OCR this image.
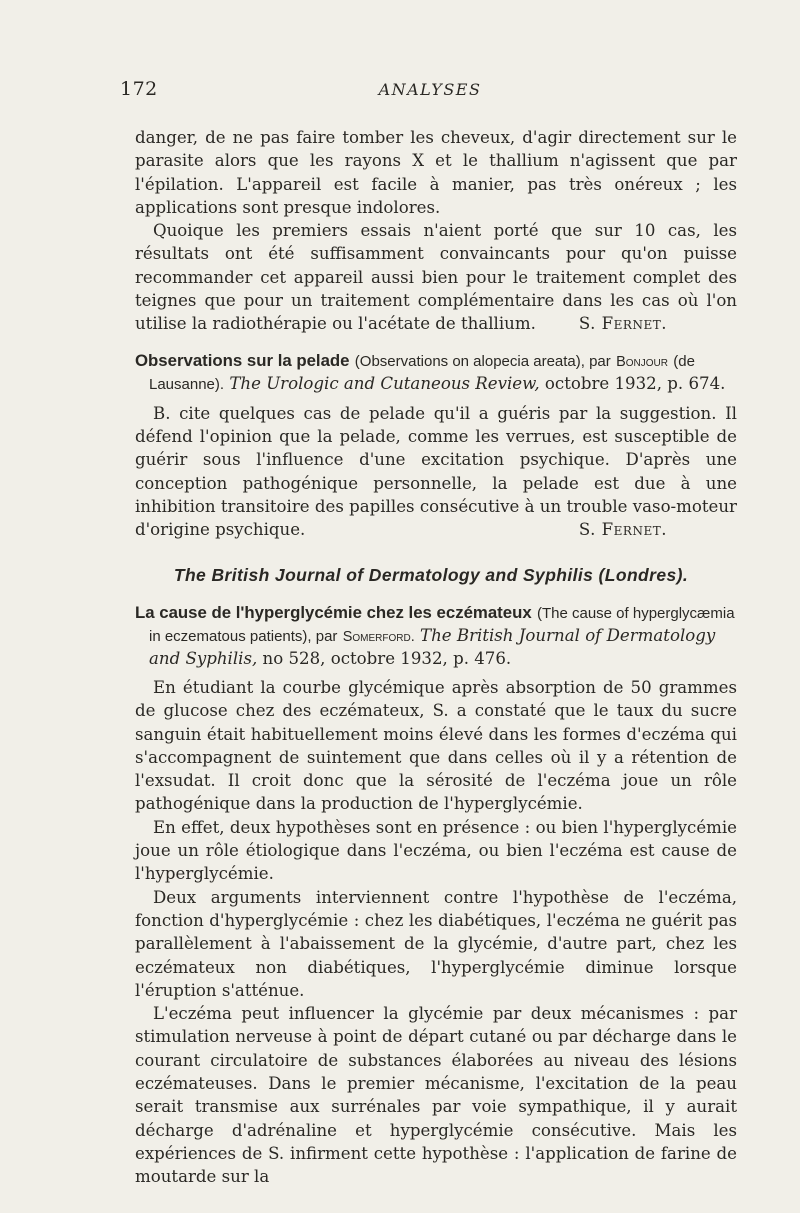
172	ANALYSES

danger, de ne pas faire tomber les cheveux, d'agir directement sur le parasite alors que les rayons X et le thallium n'agissent que par l'épilation. L'appareil est facile à manier, pas très onéreux ; les applications sont presque indolores.

Quoique les premiers essais n'aient porté que sur 10 cas, les résultats ont été suffisamment convaincants pour qu'on puisse recommander cet appareil aussi bien pour le traitement complet des teignes que pour un traitement complémentaire dans les cas où l'on utilise la radiothérapie ou l'acétate de thallium.	S. Fernet.

Observations sur la pelade (Observations on alopecia areata), par Bonjour (de Lausanne). The Urologic and Cutaneous Review, octobre 1932, p. 674.

B. cite quelques cas de pelade qu'il a guéris par la suggestion. Il défend l'opinion que la pelade, comme les verrues, est susceptible de guérir sous l'influence d'une excitation psychique. D'après une conception pathogénique personnelle, la pelade est due à une inhibition transitoire des papilles consécutive à un trouble vaso-moteur d'origine psychique.	S. Fernet.

The British Journal of Dermatology and Syphilis (Londres).
La cause de l'hyperglycémie chez les eczémateux (The cause of hyperglycæmia in eczematous patients), par Somerford. The British Journal of Dermatology and Syphilis, no 528, octobre 1932, p. 476.

En étudiant la courbe glycémique après absorption de 50 grammes de glucose chez des eczémateux, S. a constaté que le taux du sucre sanguin était habituellement moins élevé dans les formes d'eczéma qui s'accompagnent de suintement que dans celles où il y a rétention de l'exsudat. Il croit donc que la sérosité de l'eczéma joue un rôle pathogénique dans la production de l'hyperglycémie.

En effet, deux hypothèses sont en présence : ou bien l'hyperglycémie joue un rôle étiologique dans l'eczéma, ou bien l'eczéma est cause de l'hyperglycémie.

Deux arguments interviennent contre l'hypothèse de l'eczéma, fonction d'hyperglycémie : chez les diabétiques, l'eczéma ne guérit pas parallèlement à l'abaissement de la glycémie, d'autre part, chez les eczémateux non diabétiques, l'hyperglycémie diminue lorsque l'éruption s'atténue.

L'eczéma peut influencer la glycémie par deux mécanismes : par stimulation nerveuse à point de départ cutané ou par décharge dans le courant circulatoire de substances élaborées au niveau des lésions eczémateuses. Dans le premier mécanisme, l'excitation de la peau serait transmise aux surrénales par voie sympathique, il y aurait décharge d'adrénaline et hyperglycémie consécutive. Mais les expériences de S. infirment cette hypothèse : l'application de farine de moutarde sur la
